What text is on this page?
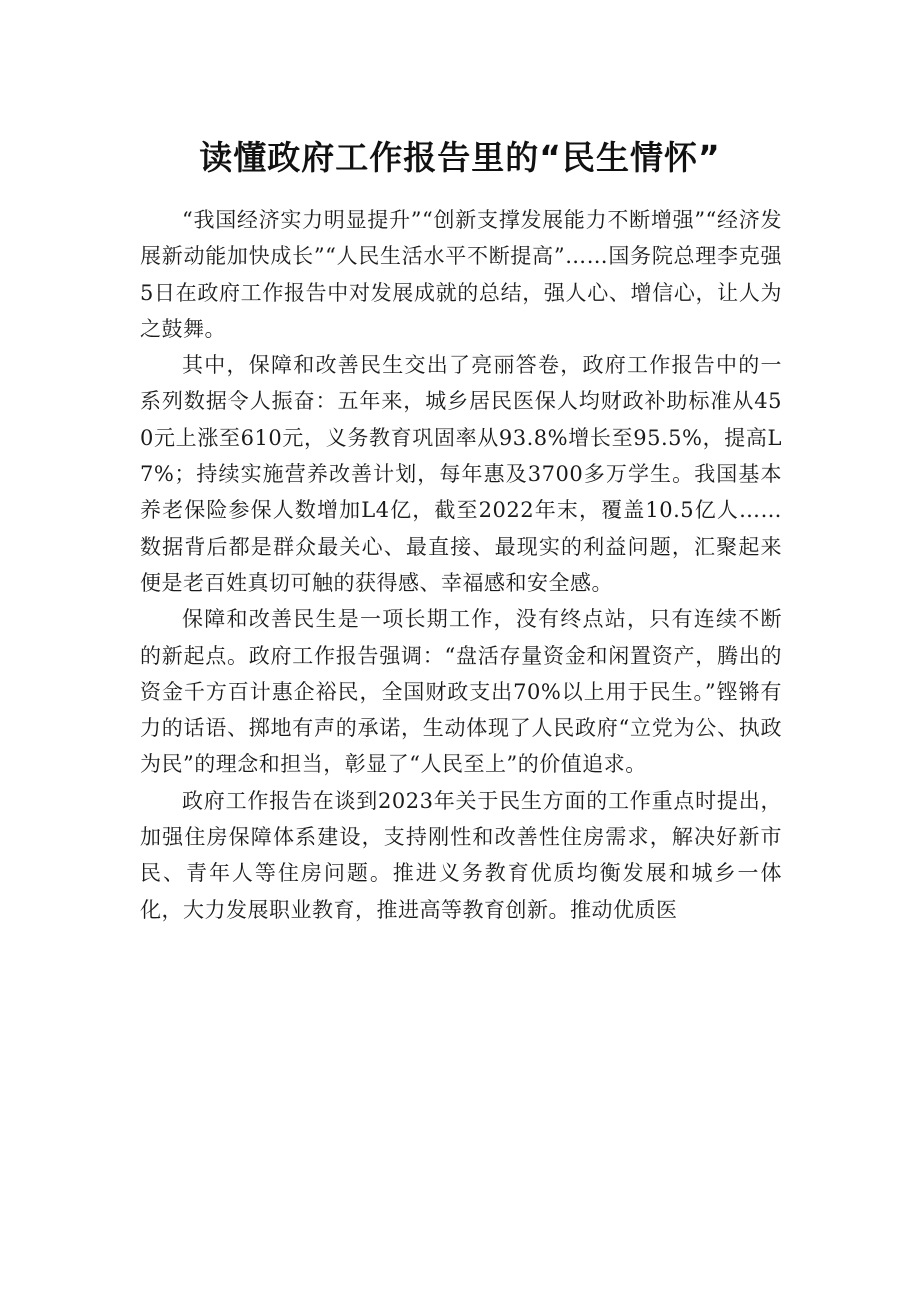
读懂政府工作报告里的“民生情怀”

“我国经济实力明显提升”“创新支撑发展能力不断增强”“经济发展新动能加快成长”“人民生活水平不断提高”……国务院总理李克强5日在政府工作报告中对发展成就的总结，强人心、增信心，让人为之鼓舞。

其中，保障和改善民生交出了亮丽答卷，政府工作报告中的一系列数据令人振奋：五年来，城乡居民医保人均财政补助标准从450元上涨至610元，义务教育巩固率从93.8%增长至95.5%，提高L7%；持续实施营养改善计划，每年惠及3700多万学生。我国基本养老保险参保人数增加L4亿，截至2022年末，覆盖10.5亿人……数据背后都是群众最关心、最直接、最现实的利益问题，汇聚起来便是老百姓真切可触的获得感、幸福感和安全感。

保障和改善民生是一项长期工作，没有终点站，只有连续不断的新起点。政府工作报告强调：“盘活存量资金和闲置资产，腾出的资金千方百计惠企裕民，全国财政支出70%以上用于民生。”铿锵有力的话语、掷地有声的承诺，生动体现了人民政府“立党为公、执政为民”的理念和担当，彰显了“人民至上”的价值追求。

政府工作报告在谈到2023年关于民生方面的工作重点时提出，加强住房保障体系建设，支持刚性和改善性住房需求，解决好新市民、青年人等住房问题。推进义务教育优质均衡发展和城乡一体化，大力发展职业教育，推进高等教育创新。推动优质医
